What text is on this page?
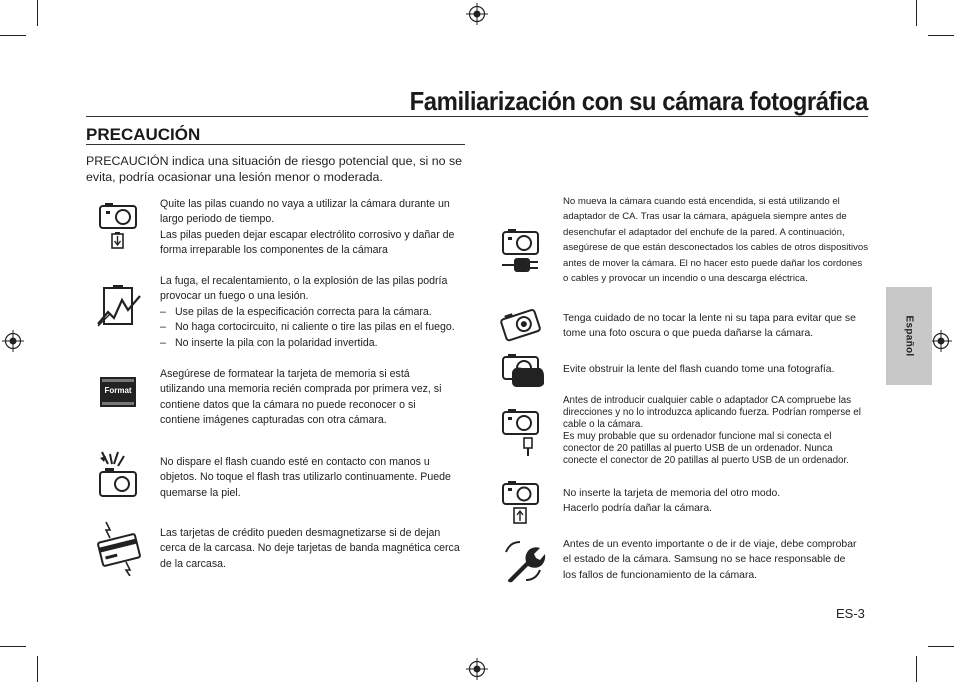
Familiarización con su cámara fotográfica
PRECAUCIÓN
PRECAUCIÓN indica una situación de riesgo potencial que, si no se evita, podría ocasionar una lesión menor o moderada.

Quite las pilas cuando no vaya a utilizar la cámara durante un largo periodo de tiempo.

Las pilas pueden dejar escapar electrólito corrosivo y dañar de forma irreparable los componentes de la cámara

La fuga, el recalentamiento, o la explosión de las pilas podría provocar un fuego o una lesión.

– Use pilas de la especificación correcta para la cámara.
– No haga cortocircuito, ni caliente o tire las pilas en el fuego.
– No inserte la pila con la polaridad invertida.
Format

Asegúrese de formatear la tarjeta de memoria si está utilizando una memoria recién comprada por primera vez, si contiene datos que la cámara no puede reconocer o si contiene imágenes capturadas con otra cámara.

No dispare el flash cuando esté en contacto con manos u objetos. No toque el flash tras utilizarlo continuamente. Puede quemarse la piel.

Las tarjetas de crédito pueden desmagnetizarse si de dejan cerca de la carcasa. No deje tarjetas de banda magnética cerca de la carcasa.

No mueva la cámara cuando está encendida, si está utilizando el adaptador de CA. Tras usar la cámara, apáguela siempre antes de desenchufar el adaptador del enchufe de la pared. A continuación, asegúrese de que están desconectados los cables de otros dispositivos antes de mover la cámara. El no hacer esto puede dañar los cordones o cables y provocar un incendio o una descarga eléctrica.
Tenga cuidado de no tocar la lente ni su tapa para evitar que se tome una foto oscura o que pueda dañarse la cámara.
Evite obstruir la lente del flash cuando tome una fotografía.
Antes de introducir cualquier cable o adaptador CA compruebe las direcciones y no lo introduzca aplicando fuerza. Podrían romperse el cable o la cámara.
Es muy probable que su ordenador funcione mal si conecta el conector de 20 patillas al puerto USB de un ordenador. Nunca conecte el conector de 20 patillas al puerto USB de un ordenador.
No inserte la tarjeta de memoria del otro modo.
Hacerlo podría dañar la cámara.
Antes de un evento importante o de ir de viaje, debe comprobar el estado de la cámara. Samsung no se hace responsable de los fallos de funcionamiento de la cámara.
Español
ES-3
